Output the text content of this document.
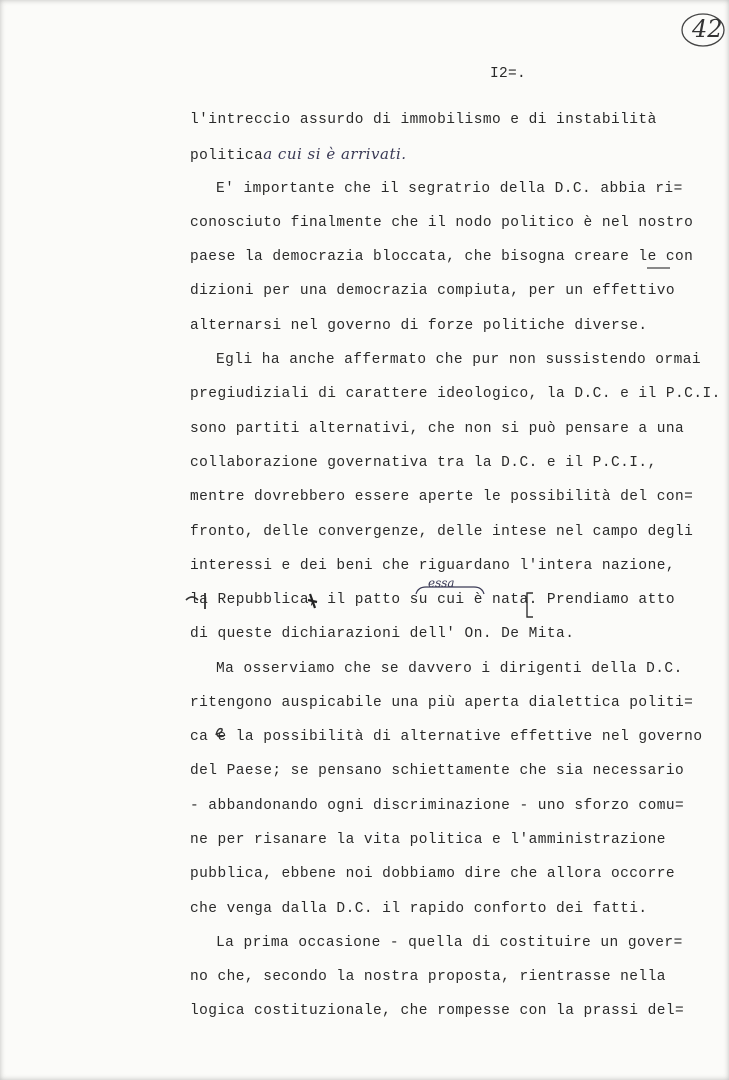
42
I2=.
l'intreccio assurdo di immobilismo e di instabilità
politicaa cui si è arrivati.
E' importante che il segratrio della D.C. abbia ri=
conosciuto finalmente che il nodo politico è nel nostro
paese la democrazia bloccata, che bisogna creare le con
dizioni per una democrazia compiuta, per un effettivo
alternarsi nel governo di forze politiche diverse.
Egli ha anche affermato che pur non sussistendo ormai
pregiudiziali di carattere ideologico, la D.C. e il P.C.I.
sono partiti alternativi, che non si può pensare a una
collaborazione governativa tra la D.C. e il P.C.I.,
mentre dovrebbero essere aperte le possibilità del con=
fronto, delle convergenze, delle intese nel campo degli
interessi e dei beni che riguardano l'intera nazione,
la Repubblica, il patto su cui è nata. Prendiamo atto
di queste dichiarazioni dell' On. De Mita.
Ma osserviamo che se davvero i dirigenti della D.C.
ritengono auspicabile una più aperta dialettica politi=
ca e la possibilità di alternative effettive nel governo
del Paese; se pensano schiettamente che sia necessario
- abbandonando ogni discriminazione - uno sforzo comu=
ne per risanare la vita politica e l'amministrazione
pubblica, ebbene noi dobbiamo dire che allora occorre
che venga dalla D.C. il rapido conforto dei fatti.
La prima occasione - quella di costituire un gover=
no che, secondo la nostra proposta, rientrasse nella
logica costituzionale, che rompesse con la prassi del=
essa
